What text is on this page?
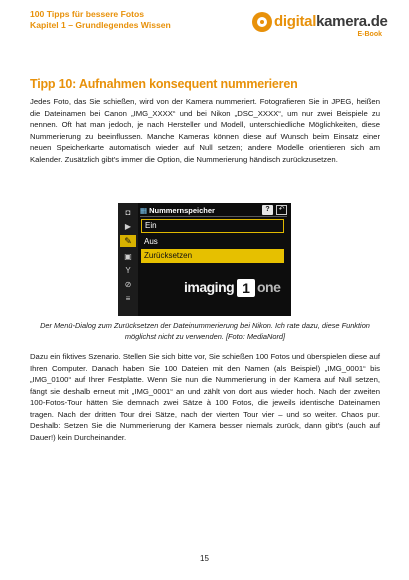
100 Tipps für bessere Fotos
Kapitel 1 – Grundlegendes Wissen	digitalkamera.de
E-Book
Tipp 10: Aufnahmen konsequent nummerieren
Jedes Foto, das Sie schießen, wird von der Kamera nummeriert. Fotografieren Sie in JPEG, heißen die Dateinamen bei Canon „IMG_XXXX“ und bei Nikon „DSC_XXXX“, um nur zwei Beispiele zu nennen. Oft hat man jedoch, je nach Hersteller und Modell, unterschiedliche Möglichkeiten, diese Nummerierung zu beeinflussen. Manche Kameras können diese auf Wunsch beim Einsatz einer neuen Speicherkarte automatisch wieder auf Null setzen; andere Modelle orientieren sich am Kalender. Zusätzlich gibt's immer die Option, die Nummerierung händisch zurückzusetzen.
◘
▶
✎
▣
Y
⊘
≡
▦ Nummernspeicher	?	↶
Ein
Aus
Zurücksetzen
imaging 1 one
Der Menü-Dialog zum Zurücksetzen der Dateinummerierung bei Nikon. Ich rate dazu, diese Funktion möglichst nicht zu verwenden. [Foto: MediaNord]
Dazu ein fiktives Szenario. Stellen Sie sich bitte vor, Sie schießen 100 Fotos und überspielen diese auf Ihren Computer. Danach haben Sie 100 Dateien mit den Namen (als Beispiel) „IMG_0001“ bis „IMG_0100“ auf Ihrer Festplatte. Wenn Sie nun die Nummerierung in der Kamera auf Null setzen, fängt sie deshalb erneut mit „IMG_0001“ an und zählt von dort aus wieder hoch. Nach der zweiten 100-Fotos-Tour hätten Sie demnach zwei Sätze à 100 Fotos, die jeweils identische Dateinamen tragen. Nach der dritten Tour drei Sätze, nach der vierten Tour vier – und so weiter. Chaos pur. Deshalb: Setzen Sie die Nummerierung der Kamera besser niemals zurück, dann gibt's (auch auf Dauer!) kein Durcheinander.
15
